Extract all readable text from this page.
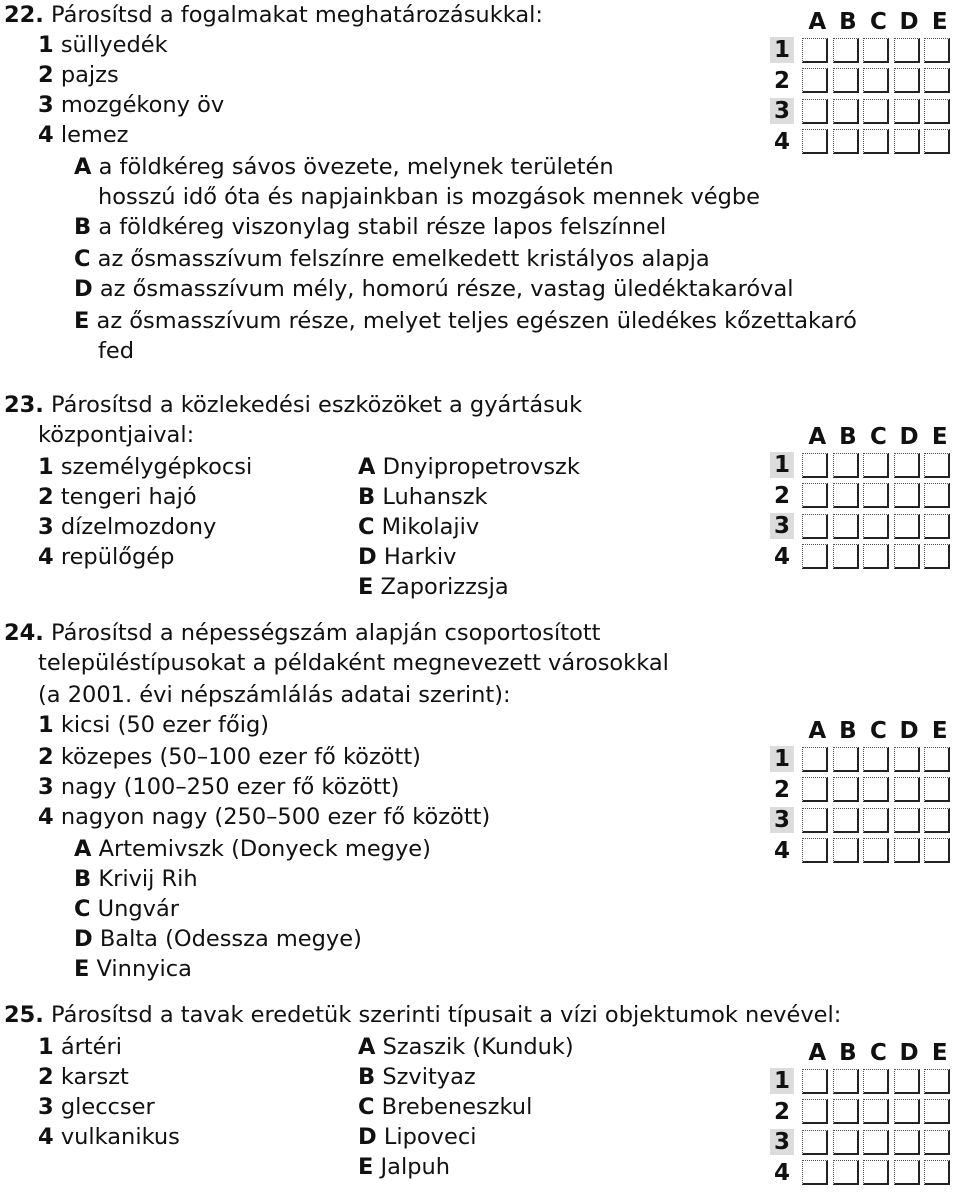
22. Párosítsd a fogalmakat meghatározásukkal:
1 süllyedék
2 pajzs
3 mozgékony öv
4 lemez
A a földkéreg sávos övezete, melynek területén
hosszú idő óta és napjainkban is mozgások mennek végbe
B a földkéreg viszonylag stabil része lapos felszínnel
C az ősmasszívum felszínre emelkedett kristályos alapja
D az ősmasszívum mély, homorú része, vastag üledéktakaróval
E az ősmasszívum része, melyet teljes egészen üledékes kőzettakaró
fed
A B C D E
1
2
3
4
23. Párosítsd a közlekedési eszközöket a gyártásuk
központjaival:
1 személygépkocsi
2 tengeri hajó
3 dízelmozdony
4 repülőgép
A Dnyipropetrovszk
B Luhanszk
C Mikolajiv
D Harkiv
E Zaporizzsja
A B C D E
1
2
3
4
24. Párosítsd a népességszám alapján csoportosított
településtípusokat a példaként megnevezett városokkal
(a 2001. évi népszámlálás adatai szerint):
1 kicsi (50 ezer főig)
2 közepes (50–100 ezer fő között)
3 nagy (100–250 ezer fő között)
4 nagyon nagy (250–500 ezer fő között)
A Artemivszk (Donyeck megye)
B Krivij Rih
C Ungvár
D Balta (Odessza megye)
E Vinnyica
A B C D E
1
2
3
4
25. Párosítsd a tavak eredetük szerinti típusait a vízi objektumok nevével:
1 ártéri
2 karszt
3 gleccser
4 vulkanikus
A Szaszik (Kunduk)
B Szvityaz
C Brebeneszkul
D Lipoveci
E Jalpuh
A B C D E
1
2
3
4
